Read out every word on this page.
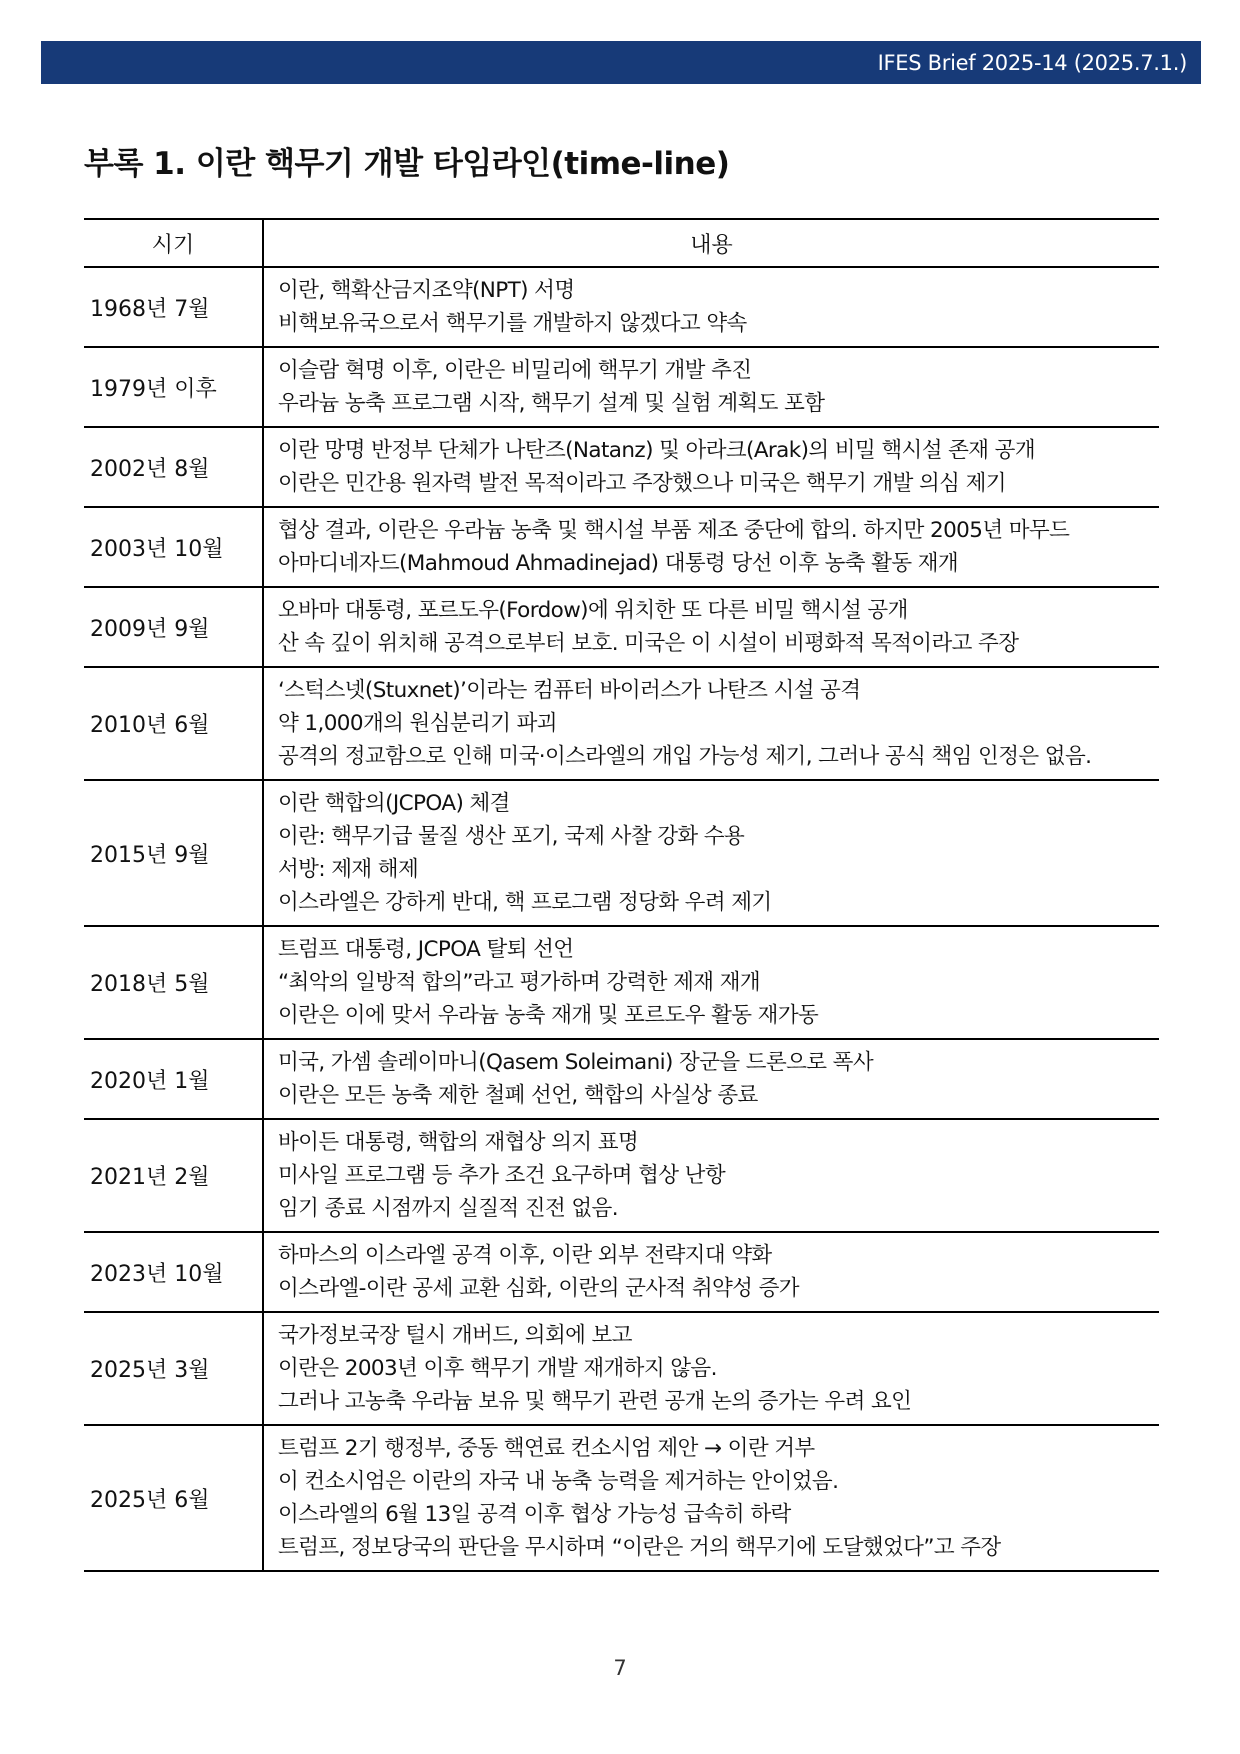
IFES Brief 2025-14 (2025.7.1.)
부록 1. 이란 핵무기 개발 타임라인(time-line)
시기	내용
1968년 7월	이란, 핵확산금지조약(NPT) 서명
비핵보유국으로서 핵무기를 개발하지 않겠다고 약속

1979년 이후	이슬람 혁명 이후, 이란은 비밀리에 핵무기 개발 추진
우라늄 농축 프로그램 시작, 핵무기 설계 및 실험 계획도 포함

2002년 8월	이란 망명 반정부 단체가 나탄즈(Natanz) 및 아라크(Arak)의 비밀 핵시설 존재 공개
이란은 민간용 원자력 발전 목적이라고 주장했으나 미국은 핵무기 개발 의심 제기

2003년 10월	협상 결과, 이란은 우라늄 농축 및 핵시설 부품 제조 중단에 합의. 하지만 2005년 마무드
아마디네자드(Mahmoud Ahmadinejad) 대통령 당선 이후 농축 활동 재개

2009년 9월	오바마 대통령, 포르도우(Fordow)에 위치한 또 다른 비밀 핵시설 공개
산 속 깊이 위치해 공격으로부터 보호. 미국은 이 시설이 비평화적 목적이라고 주장

2010년 6월	‘스턱스넷(Stuxnet)’이라는 컴퓨터 바이러스가 나탄즈 시설 공격
약 1,000개의 원심분리기 파괴
공격의 정교함으로 인해 미국·이스라엘의 개입 가능성 제기, 그러나 공식 책임 인정은 없음.

2015년 9월	이란 핵합의(JCPOA) 체결
이란: 핵무기급 물질 생산 포기, 국제 사찰 강화 수용
서방: 제재 해제
이스라엘은 강하게 반대, 핵 프로그램 정당화 우려 제기

2018년 5월	트럼프 대통령, JCPOA 탈퇴 선언
“최악의 일방적 합의”라고 평가하며 강력한 제재 재개
이란은 이에 맞서 우라늄 농축 재개 및 포르도우 활동 재가동

2020년 1월	미국, 가셈 솔레이마니(Qasem Soleimani) 장군을 드론으로 폭사
이란은 모든 농축 제한 철폐 선언, 핵합의 사실상 종료

2021년 2월	바이든 대통령, 핵합의 재협상 의지 표명
미사일 프로그램 등 추가 조건 요구하며 협상 난항
임기 종료 시점까지 실질적 진전 없음.

2023년 10월	하마스의 이스라엘 공격 이후, 이란 외부 전략지대 약화
이스라엘-이란 공세 교환 심화, 이란의 군사적 취약성 증가

2025년 3월	국가정보국장 털시 개버드, 의회에 보고
이란은 2003년 이후 핵무기 개발 재개하지 않음.
그러나 고농축 우라늄 보유 및 핵무기 관련 공개 논의 증가는 우려 요인

2025년 6월	트럼프 2기 행정부, 중동 핵연료 컨소시엄 제안 → 이란 거부
이 컨소시엄은 이란의 자국 내 농축 능력을 제거하는 안이었음.
이스라엘의 6월 13일 공격 이후 협상 가능성 급속히 하락
트럼프, 정보당국의 판단을 무시하며 “이란은 거의 핵무기에 도달했었다”고 주장
7
